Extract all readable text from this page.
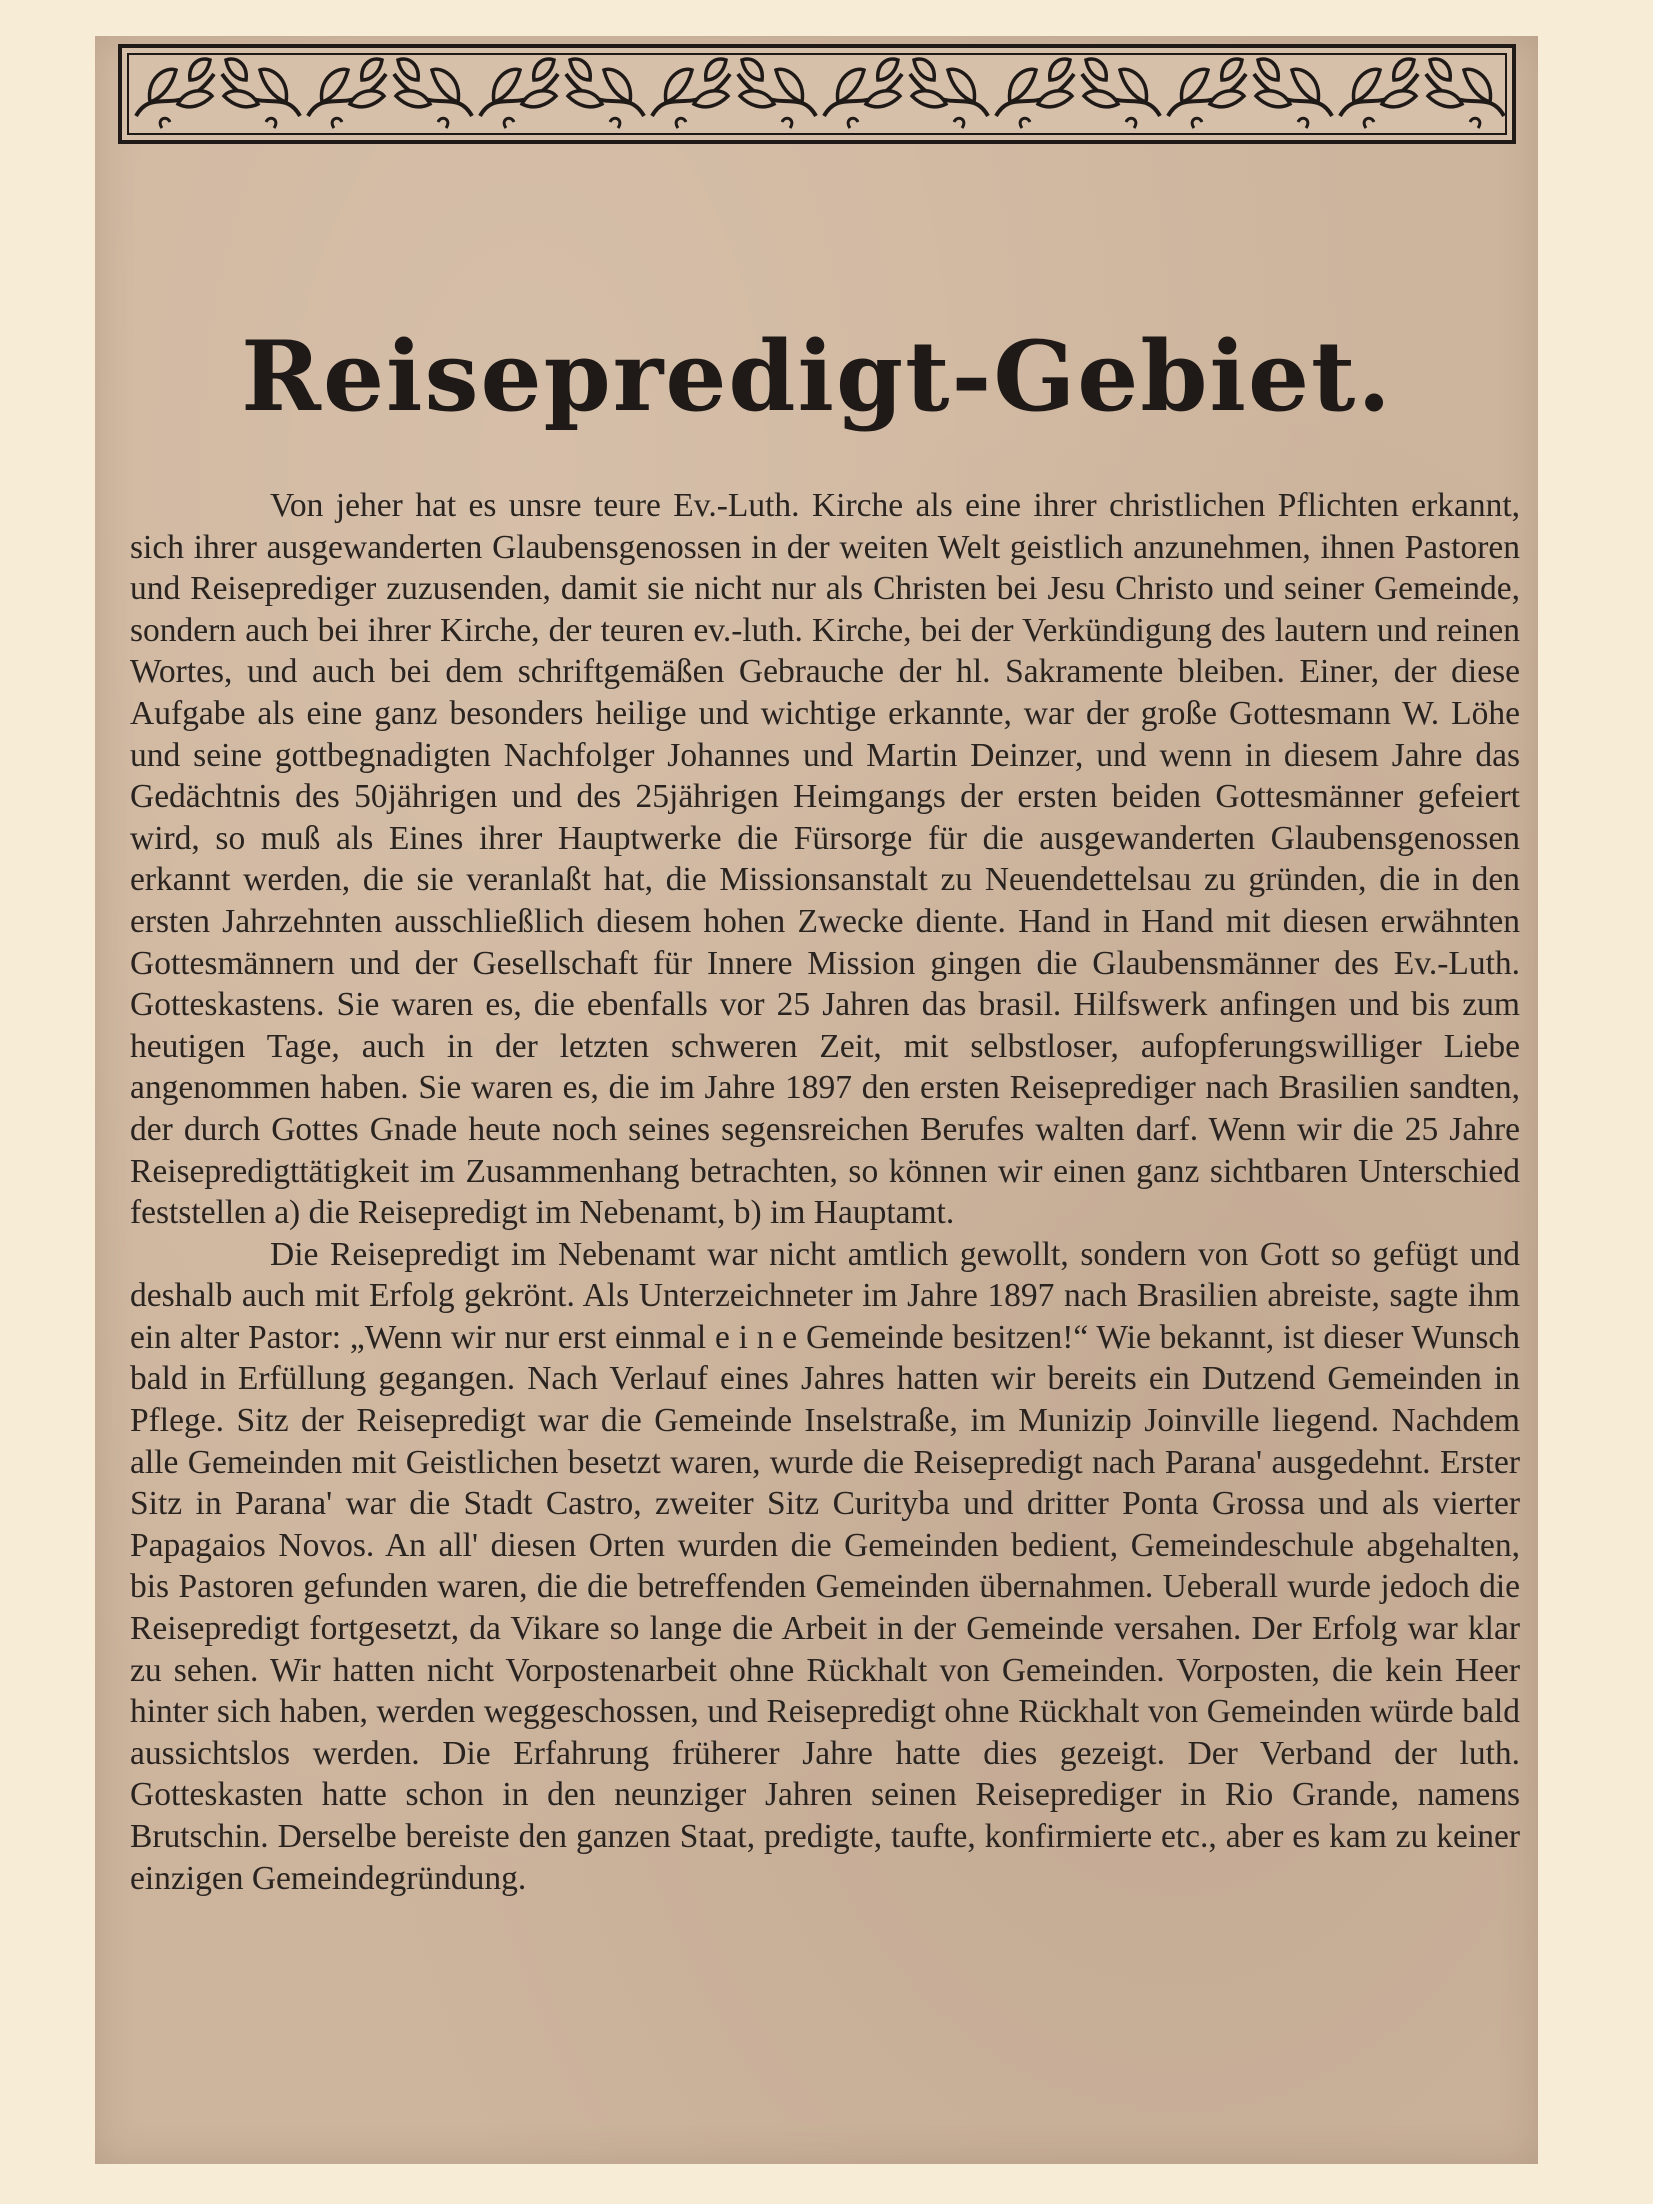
Reisepredigt-Gebiet.

Von jeher hat es unsre teure Ev.-Luth. Kirche als eine ihrer christlichen Pflichten erkannt, sich ihrer ausgewanderten Glaubensgenossen in der weiten Welt geistlich anzunehmen, ihnen Pastoren und Reiseprediger zuzusenden, damit sie nicht nur als Christen bei Jesu Christo und seiner Gemeinde, sondern auch bei ihrer Kirche, der teuren ev.-luth. Kirche, bei der Verkündigung des lautern und reinen Wortes, und auch bei dem schriftgemäßen Gebrauche der hl. Sakramente bleiben. Einer, der diese Aufgabe als eine ganz besonders heilige und wichtige erkannte, war der große Gottesmann W. Löhe und seine gottbegnadigten Nachfolger Johannes und Martin Deinzer, und wenn in diesem Jahre das Gedächtnis des 50jährigen und des 25jährigen Heimgangs der ersten beiden Gottesmänner gefeiert wird, so muß als Eines ihrer Hauptwerke die Fürsorge für die ausgewanderten Glaubensgenossen erkannt werden, die sie veranlaßt hat, die Missionsanstalt zu Neuendettelsau zu gründen, die in den ersten Jahrzehnten ausschließlich diesem hohen Zwecke diente. Hand in Hand mit diesen erwähnten Gottesmännern und der Gesellschaft für Innere Mission gingen die Glaubensmänner des Ev.-Luth. Gotteskastens. Sie waren es, die ebenfalls vor 25 Jahren das brasil. Hilfswerk anfingen und bis zum heutigen Tage, auch in der letzten schweren Zeit, mit selbstloser, aufopferungswilliger Liebe angenommen haben. Sie waren es, die im Jahre 1897 den ersten Reiseprediger nach Brasilien sandten, der durch Gottes Gnade heute noch seines segensreichen Berufes walten darf. Wenn wir die 25 Jahre Reisepredigttätigkeit im Zusammenhang betrachten, so können wir einen ganz sichtbaren Unterschied feststellen a) die Reisepredigt im Nebenamt, b) im Hauptamt.

Die Reisepredigt im Nebenamt war nicht amtlich gewollt, sondern von Gott so gefügt und deshalb auch mit Erfolg gekrönt. Als Unterzeichneter im Jahre 1897 nach Brasilien abreiste, sagte ihm ein alter Pastor: „Wenn wir nur erst einmal e i n e Gemeinde besitzen!“ Wie bekannt, ist dieser Wunsch bald in Erfüllung gegangen. Nach Verlauf eines Jahres hatten wir bereits ein Dutzend Gemeinden in Pflege. Sitz der Reisepredigt war die Gemeinde Inselstraße, im Munizip Joinville liegend. Nachdem alle Gemeinden mit Geistlichen besetzt waren, wurde die Reisepredigt nach Parana' ausgedehnt. Erster Sitz in Parana' war die Stadt Castro, zweiter Sitz Curityba und dritter Ponta Grossa und als vierter Papagaios Novos. An all' diesen Orten wurden die Gemeinden bedient, Gemeindeschule abgehalten, bis Pastoren gefunden waren, die die betreffenden Gemeinden übernahmen. Ueberall wurde jedoch die Reisepredigt fortgesetzt, da Vikare so lange die Arbeit in der Gemeinde versahen. Der Erfolg war klar zu sehen. Wir hatten nicht Vorpostenarbeit ohne Rückhalt von Gemeinden. Vorposten, die kein Heer hinter sich haben, werden weggeschossen, und Reisepredigt ohne Rückhalt von Gemeinden würde bald aussichtslos werden. Die Erfahrung früherer Jahre hatte dies gezeigt. Der Verband der luth. Gotteskasten hatte schon in den neunziger Jahren seinen Reiseprediger in Rio Grande, namens Brutschin. Derselbe bereiste den ganzen Staat, predigte, taufte, konfirmierte etc., aber es kam zu keiner einzigen Gemeindegründung.
